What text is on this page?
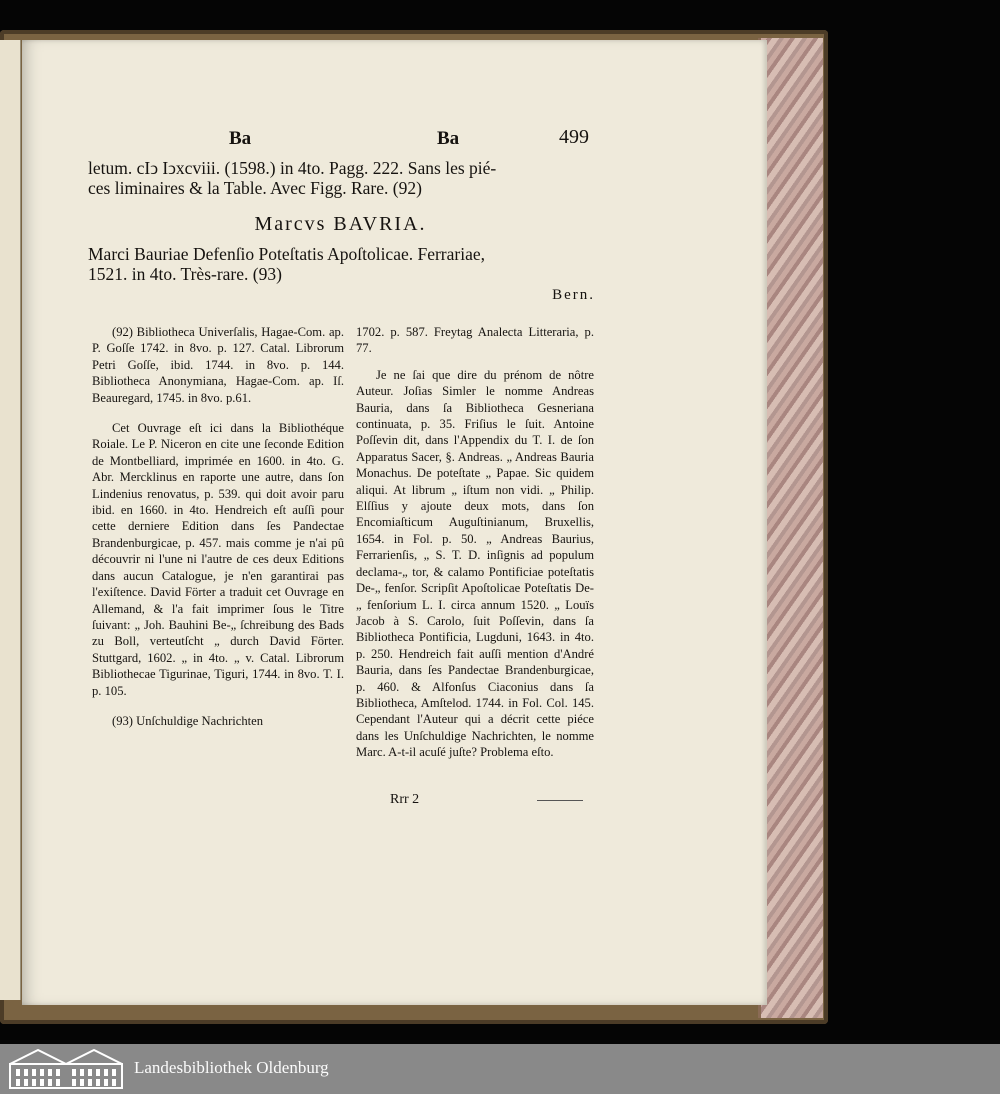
Ba	Ba	499
letum. cIↄ Iↄxcviii. (1598.) in 4to. Pagg. 222. Sans les pié-
ces liminaires & la Table. Avec Figg. Rare. (92)
Marcvs BAVRIA.
Marci Bauriae Defenſio Poteſtatis Apoſtolicae. Ferrariae,
1521. in 4to. Très-rare. (93)
Bern.

(92) Bibliotheca Univerſalis, Hagae-Com. ap. P. Goſſe 1742. in 8vo. p. 127. Catal. Librorum Petri Goſſe, ibid. 1744. in 8vo. p. 144. Bibliotheca Anonymiana, Hagae-Com. ap. Iſ. Beauregard, 1745. in 8vo. p.61.

Cet Ouvrage eſt ici dans la Bibliothéque Roiale. Le P. Niceron en cite une ſeconde Edition de Montbelliard, imprimée en 1600. in 4to. G. Abr. Mercklinus en raporte une autre, dans ſon Lindenius renovatus, p. 539. qui doit avoir paru ibid. en 1660. in 4to. Hendreich eſt auſſi pour cette derniere Edition dans ſes Pandectae Brandenburgicae, p. 457. mais comme je n'ai pû découvrir ni l'une ni l'autre de ces deux Editions dans aucun Catalogue, je n'en garantirai pas l'exiſtence. David Förter a traduit cet Ouvrage en Allemand, & l'a fait imprimer ſous le Titre ſuivant: „ Joh. Bauhini Be-„ ſchreibung des Bads zu Boll, verteutſcht „ durch David Förter. Stuttgard, 1602. „ in 4to. „ v. Catal. Librorum Bibliothecae Tigurinae, Tiguri, 1744. in 8vo. T. I. p. 105.

(93) Unſchuldige Nachrichten

1702. p. 587. Freytag Analecta Litteraria, p. 77.

Je ne ſai que dire du prénom de nôtre Auteur. Joſias Simler le nomme Andreas Bauria, dans ſa Bibliotheca Gesneriana continuata, p. 35. Friſius le ſuit. Antoine Poſſevin dit, dans l'Appendix du T. I. de ſon Apparatus Sacer, §. Andreas. „ Andreas Bauria Monachus. De poteſtate „ Papae. Sic quidem aliqui. At librum „ iſtum non vidi. „ Philip. Elſſius y ajoute deux mots, dans ſon Encomiaſticum Auguſtinianum, Bruxellis, 1654. in Fol. p. 50. „ Andreas Baurius, Ferrarienſis, „ S. T. D. inſignis ad populum declama-„ tor, & calamo Pontificiae poteſtatis De-„ fenſor. Scripſit Apoſtolicae Poteſtatis De-„ fenſorium L. I. circa annum 1520. „ Louïs Jacob à S. Carolo, ſuit Poſſevin, dans ſa Bibliotheca Pontificia, Lugduni, 1643. in 4to. p. 250. Hendreich fait auſſi mention d'André Bauria, dans ſes Pandectae Brandenburgicae, p. 460. & Alfonſus Ciaconius dans ſa Bibliotheca, Amſtelod. 1744. in Fol. Col. 145. Cependant l'Auteur qui a décrit cette piéce dans les Unſchuldige Nachrichten, le nomme Marc. A-t-il acuſé juſte? Problema eſto.

Rrr 2
Landesbibliothek Oldenburg
